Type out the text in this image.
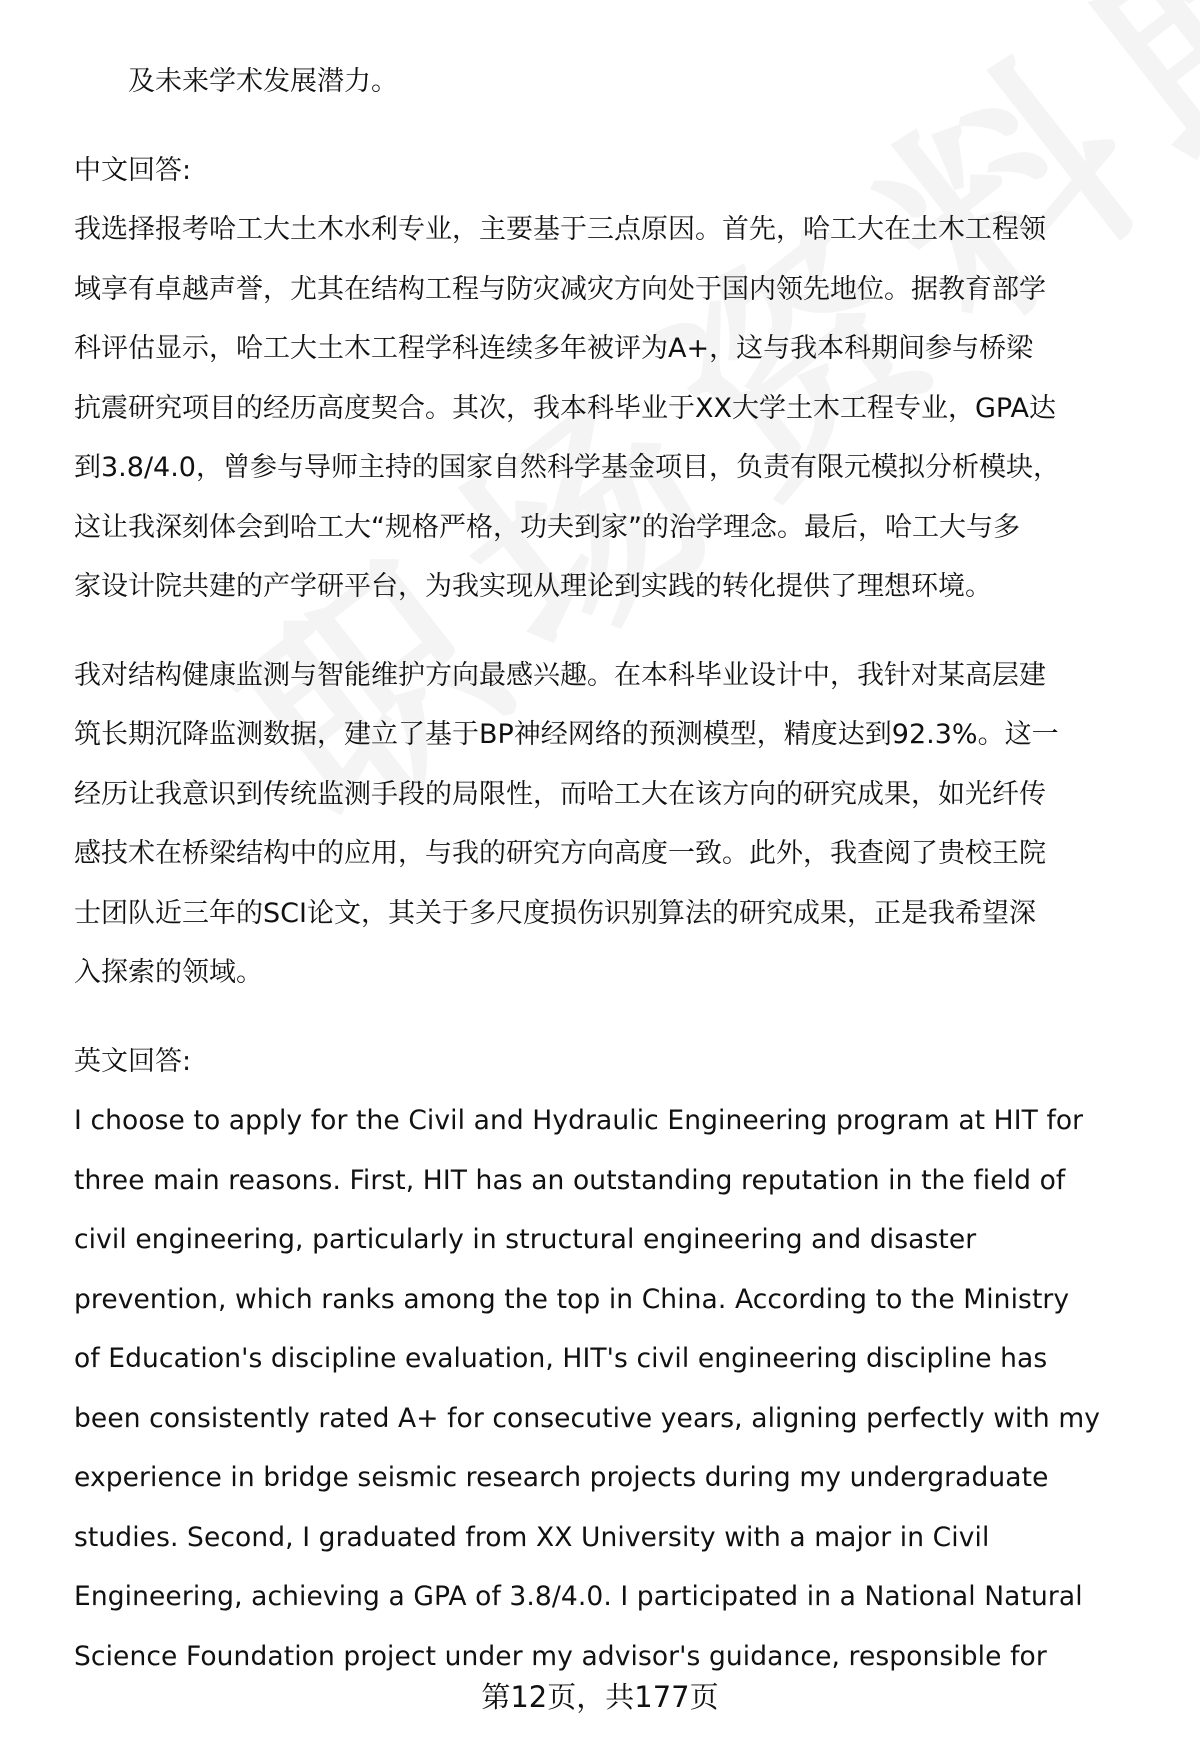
及未来学术发展潜力。
中文回答:
我选择报考哈工大土木水利专业，主要基于三点原因。首先，哈工大在土木工程领
域享有卓越声誉，尤其在结构工程与防灾减灾方向处于国内领先地位。据教育部学
科评估显示，哈工大土木工程学科连续多年被评为A+，这与我本科期间参与桥梁
抗震研究项目的经历高度契合。其次，我本科毕业于XX大学土木工程专业，GPA达
到3.8/4.0，曾参与导师主持的国家自然科学基金项目，负责有限元模拟分析模块，
这让我深刻体会到哈工大“规格严格，功夫到家”的治学理念。最后，哈工大与多
家设计院共建的产学研平台，为我实现从理论到实践的转化提供了理想环境。
我对结构健康监测与智能维护方向最感兴趣。在本科毕业设计中，我针对某高层建
筑长期沉降监测数据，建立了基于BP神经网络的预测模型，精度达到92.3%。这一
经历让我意识到传统监测手段的局限性，而哈工大在该方向的研究成果，如光纤传
感技术在桥梁结构中的应用，与我的研究方向高度一致。此外，我查阅了贵校王院
士团队近三年的SCI论文，其关于多尺度损伤识别算法的研究成果，正是我希望深
入探索的领域。
英文回答:
I choose to apply for the Civil and Hydraulic Engineering program at HIT for
three main reasons. First, HIT has an outstanding reputation in the field of
civil engineering, particularly in structural engineering and disaster
prevention, which ranks among the top in China. According to the Ministry
of Education's discipline evaluation, HIT's civil engineering discipline has
been consistently rated A+ for consecutive years, aligning perfectly with my
experience in bridge seismic research projects during my undergraduate
studies. Second, I graduated from XX University with a major in Civil
Engineering, achieving a GPA of 3.8/4.0. I participated in a National Natural
Science Foundation project under my advisor's guidance, responsible for
第12页，共177页
